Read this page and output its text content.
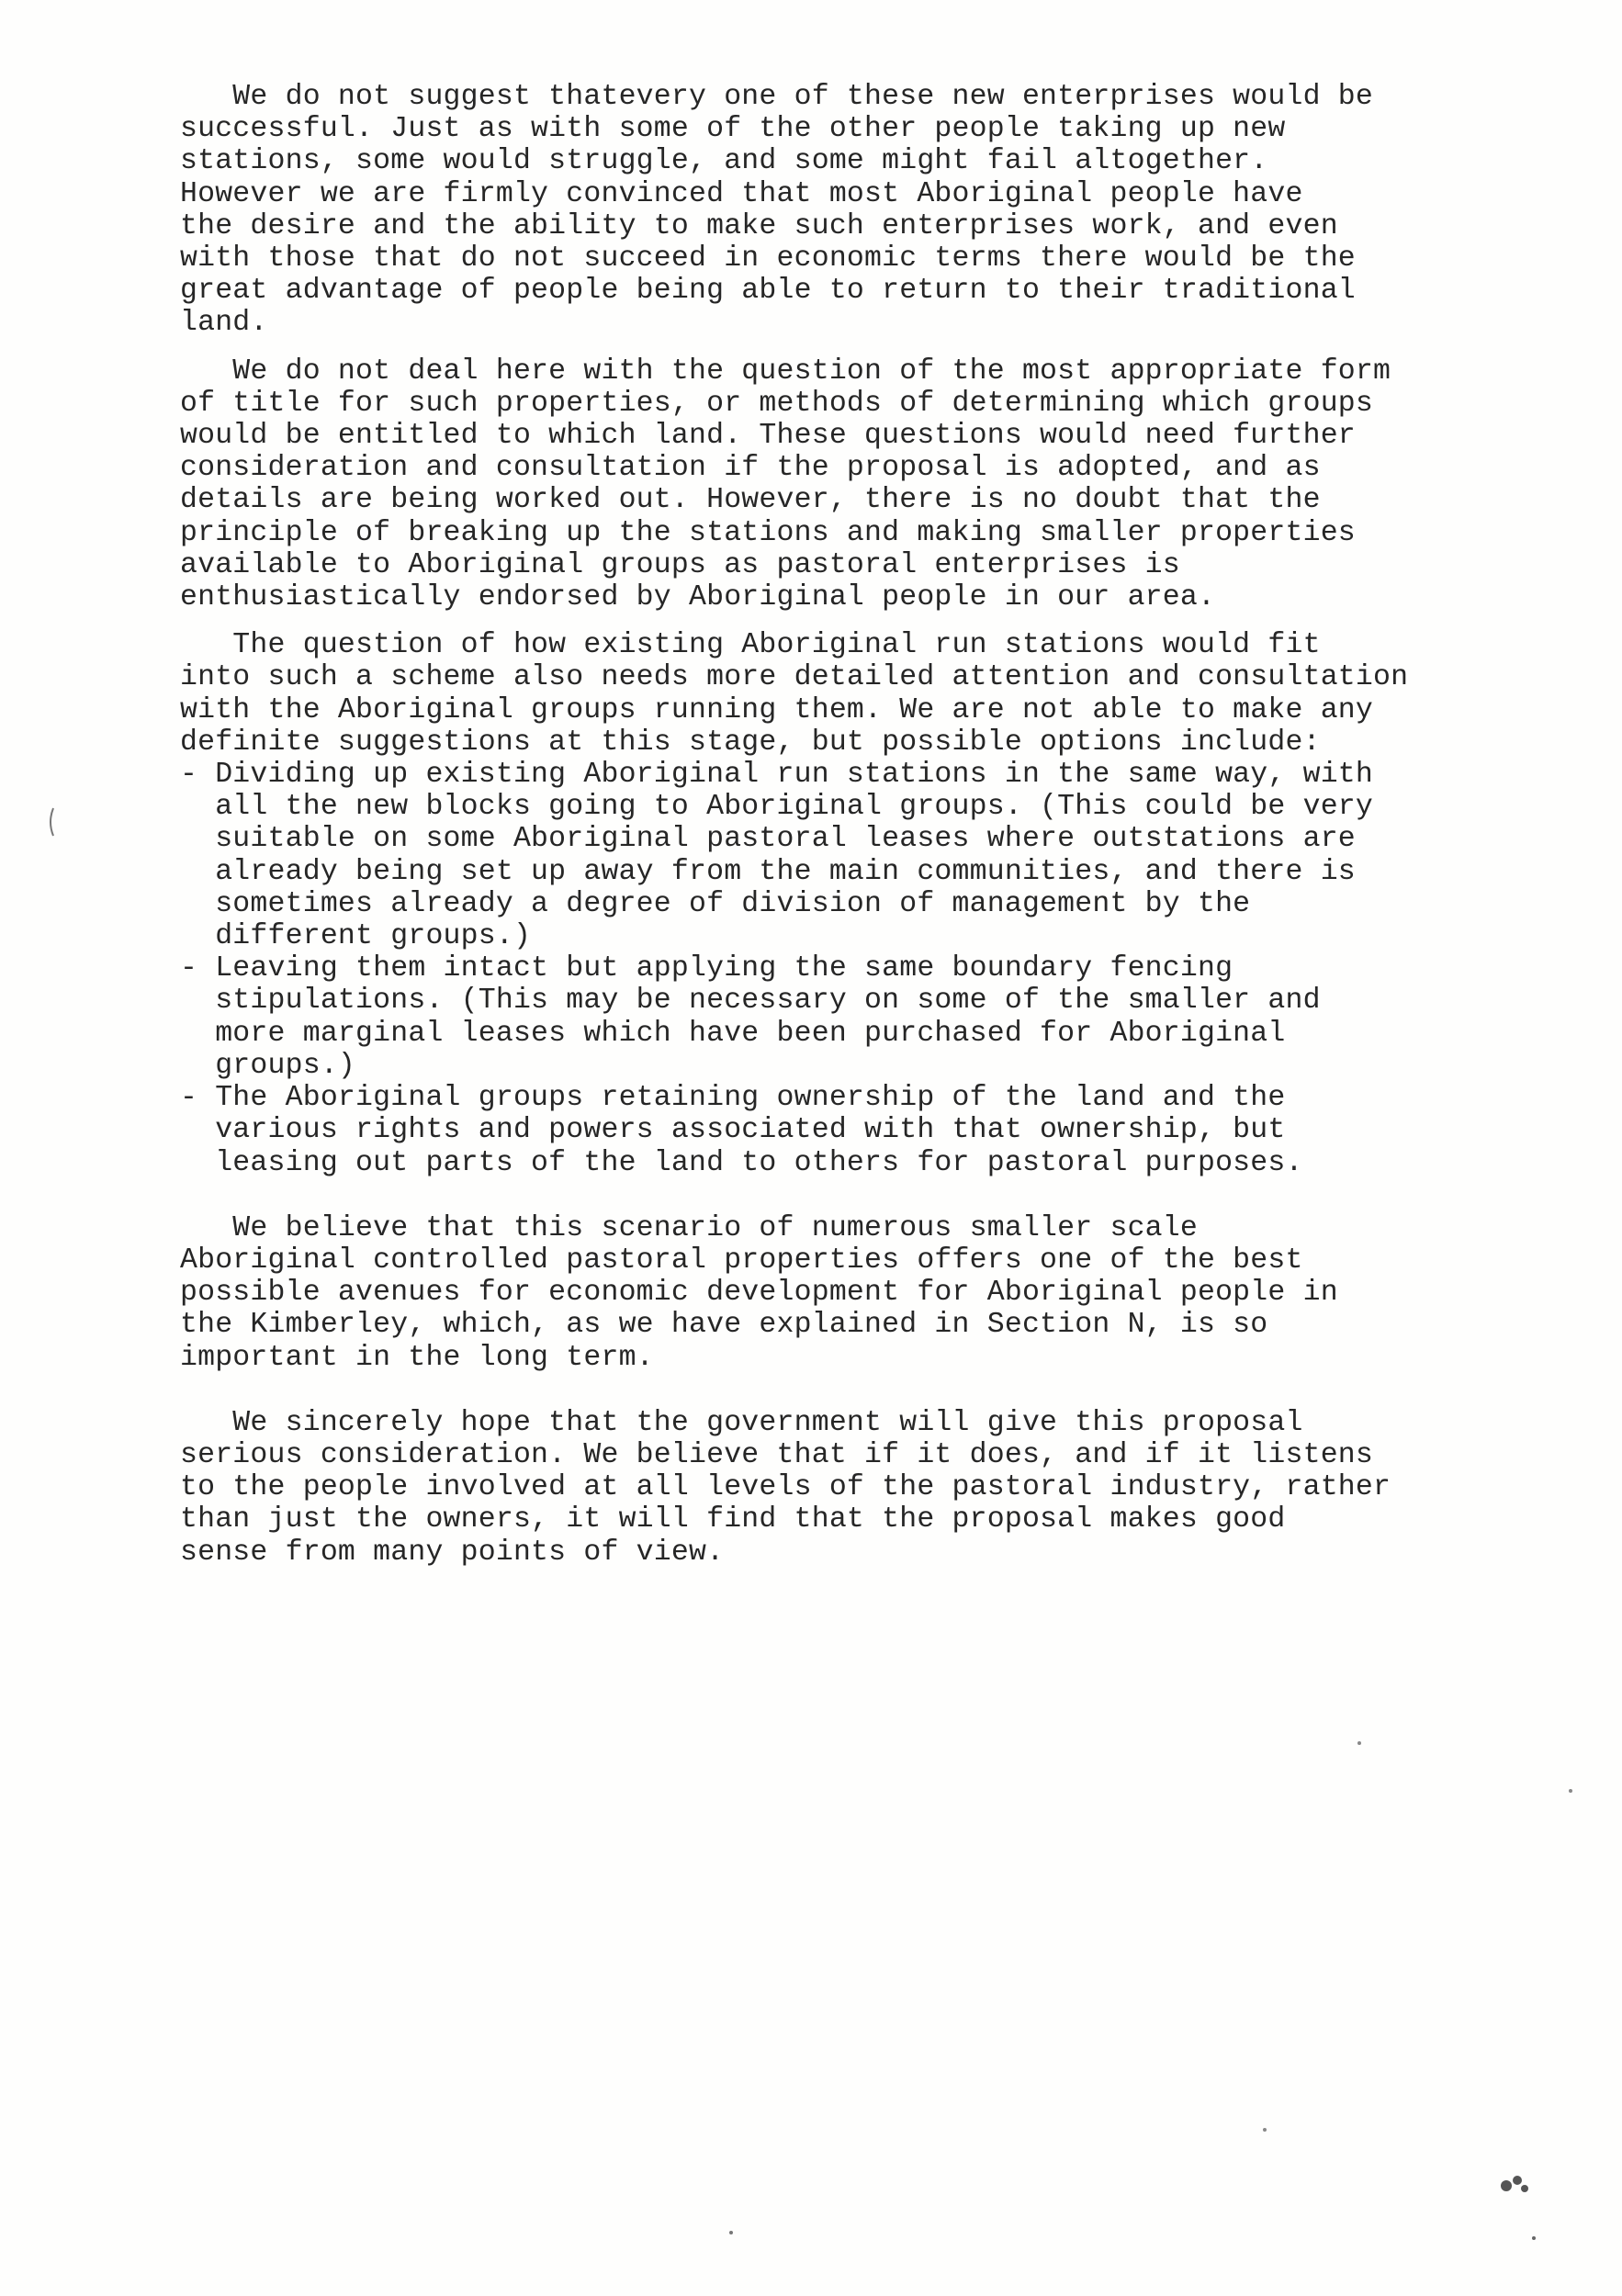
We do not suggest thatevery one of these new enterprises would be
successful. Just as with some of the other people taking up new
stations, some would struggle, and some might fail altogether.
However we are firmly convinced that most Aboriginal people have
the desire and the ability to make such enterprises work, and even
with those that do not succeed in economic terms there would be the
great advantage of people being able to return to their traditional
land.
We do not deal here with the question of the most appropriate form
of title for such properties, or methods of determining which groups
would be entitled to which land. These questions would need further
consideration and consultation if the proposal is adopted, and as
details are being worked out. However, there is no doubt that the
principle of breaking up the stations and making smaller properties
available to Aboriginal groups as pastoral enterprises is
enthusiastically endorsed by Aboriginal people in our area.
The question of how existing Aboriginal run stations would fit
into such a scheme also needs more detailed attention and consultation
with the Aboriginal groups running them. We are not able to make any
definite suggestions at this stage, but possible options include:
- Dividing up existing Aboriginal run stations in the same way, with
all the new blocks going to Aboriginal groups. (This could be very
suitable on some Aboriginal pastoral leases where outstations are
already being set up away from the main communities, and there is
sometimes already a degree of division of management by the
different groups.)
- Leaving them intact but applying the same boundary fencing
stipulations. (This may be necessary on some of the smaller and
more marginal leases which have been purchased for Aboriginal
groups.)
- The Aboriginal groups retaining ownership of the land and the
various rights and powers associated with that ownership, but
leasing out parts of the land to others for pastoral purposes.
We believe that this scenario of numerous smaller scale
Aboriginal controlled pastoral properties offers one of the best
possible avenues for economic development for Aboriginal people in
the Kimberley, which, as we have explained in Section N, is so
important in the long term.
We sincerely hope that the government will give this proposal
serious consideration. We believe that if it does, and if it listens
to the people involved at all levels of the pastoral industry, rather
than just the owners, it will find that the proposal makes good
sense from many points of view.
